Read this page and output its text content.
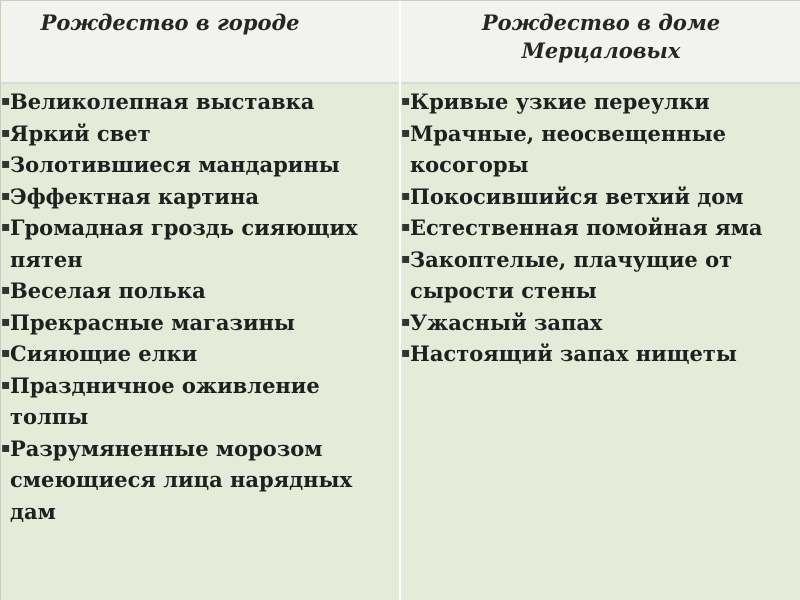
Рождество в городе	Рождество в доме Мерцаловых
▪ Великолепная выставка
▪ Яркий свет
▪ Золотившиеся мандарины
▪ Эффектная картина
▪ Громадная гроздь сияющих пятен
▪ Веселая полька
▪ Прекрасные магазины
▪ Сияющие елки
▪ Праздничное оживление толпы
▪ Разрумяненные морозом смеющиеся лица нарядных дам
▪ Кривые узкие переулки
▪ Мрачные, неосвещенные косогоры
▪ Покосившийся ветхий дом
▪ Естественная помойная яма
▪ Закоптелые, плачущие от сырости стены
▪ Ужасный запах
▪ Настоящий запах нищеты
